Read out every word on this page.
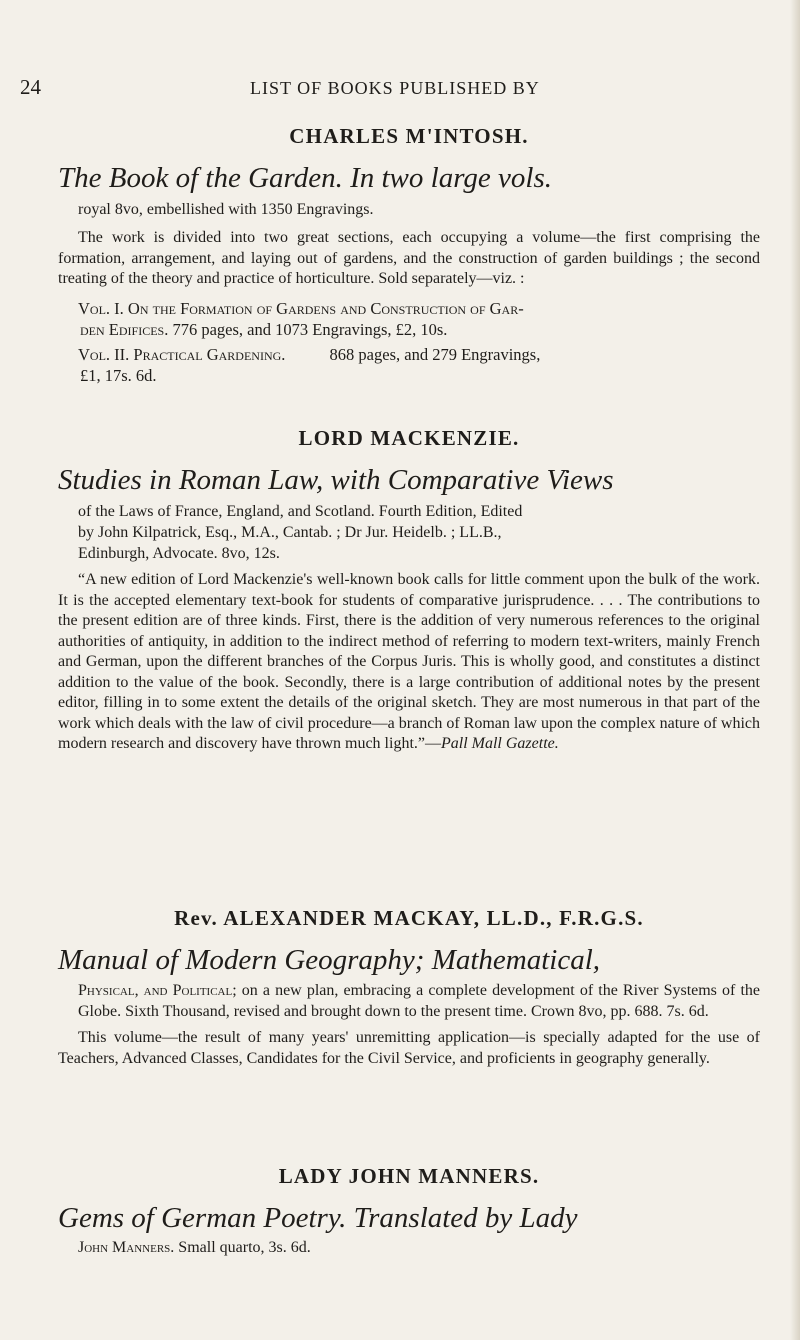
24	LIST OF BOOKS PUBLISHED BY

CHARLES M'INTOSH.

The Book of the Garden. In two large vols.

royal 8vo, embellished with 1350 Engravings.

The work is divided into two great sections, each occupying a volume—the first comprising the formation, arrangement, and laying out of gardens, and the construction of garden buildings ; the second treating of the theory and practice of horticulture. Sold separately—viz. :

Vol. I. On the Formation of Gardens and Construction of Gar-

den Edifices. 776 pages, and 1073 Engravings, £2, 10s.

Vol. II. Practical Gardening.	868 pages, and 279 Engravings,

£1, 17s. 6d.

LORD MACKENZIE.

Studies in Roman Law, with Comparative Views

of the Laws of France, England, and Scotland. Fourth Edition, Edited

by John Kilpatrick, Esq., M.A., Cantab. ; Dr Jur. Heidelb. ; LL.B.,

Edinburgh, Advocate. 8vo, 12s.

“A new edition of Lord Mackenzie's well-known book calls for little comment upon the bulk of the work. It is the accepted elementary text-book for students of comparative jurisprudence. . . . The contributions to the present edition are of three kinds. First, there is the addition of very numerous references to the original authorities of antiquity, in addition to the indirect method of referring to modern text-writers, mainly French and German, upon the different branches of the Corpus Juris. This is wholly good, and constitutes a distinct addition to the value of the book. Secondly, there is a large contribution of additional notes by the present editor, filling in to some extent the details of the original sketch. They are most numerous in that part of the work which deals with the law of civil procedure—a branch of Roman law upon the complex nature of which modern research and discovery have thrown much light.”—Pall Mall Gazette.

Rev. ALEXANDER MACKAY, LL.D., F.R.G.S.

Manual of Modern Geography; Mathematical,

Physical, and Political; on a new plan, embracing a complete development of the River Systems of the Globe. Sixth Thousand, revised and brought down to the present time. Crown 8vo, pp. 688. 7s. 6d.

This volume—the result of many years' unremitting application—is specially adapted for the use of Teachers, Advanced Classes, Candidates for the Civil Service, and proficients in geography generally.

LADY JOHN MANNERS.

Gems of German Poetry. Translated by Lady

John Manners. Small quarto, 3s. 6d.
